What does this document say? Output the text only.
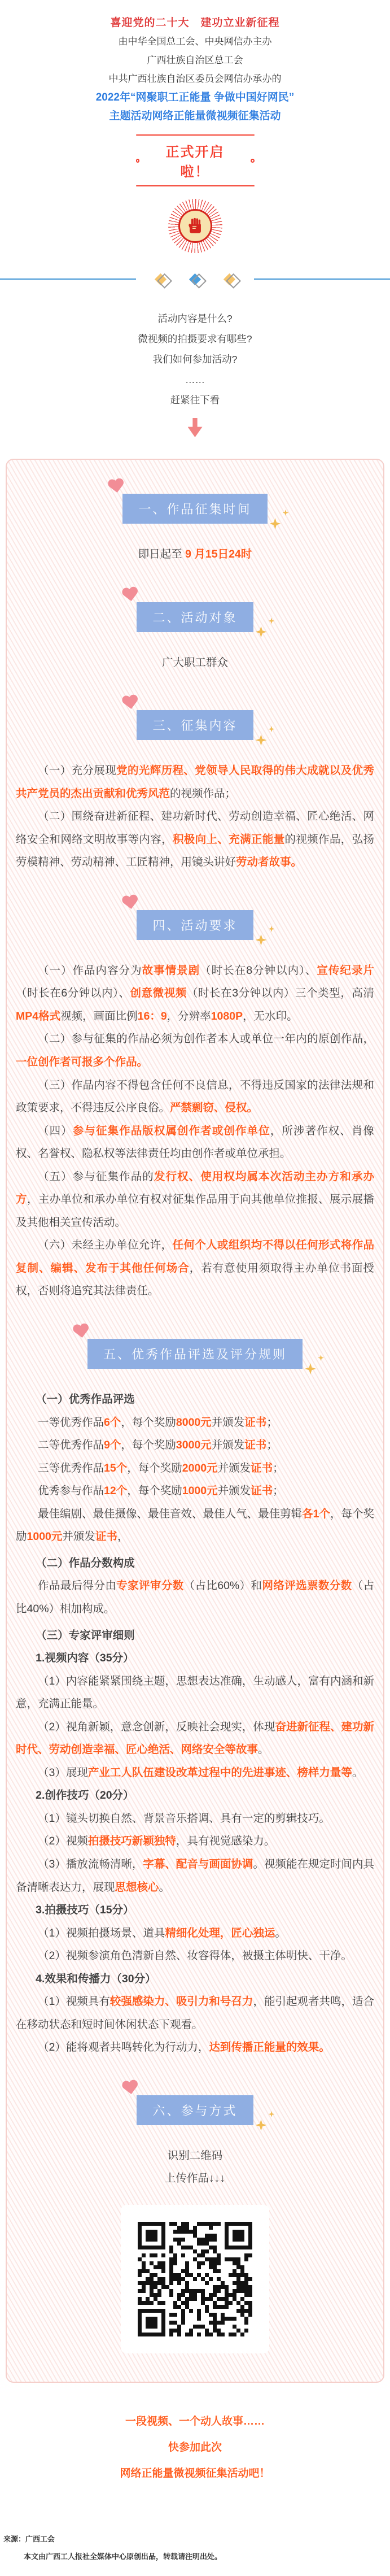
喜迎党的二十大　建功立业新征程

由中华全国总工会、中央网信办主办

广西壮族自治区总工会

中共广西壮族自治区委员会网信办承办的

2022年“网聚职工正能量 争做中国好网民”

主题活动网络正能量微视频征集活动

正式开启啦！

活动内容是什么?

微视频的拍摄要求有哪些?

我们如何参加活动?

……

赶紧往下看

一、作品征集时间

即日起至 9 月15日24时

二、活动对象

广大职工群众

三、征集内容

（一）充分展现党的光辉历程、党领导人民取得的伟大成就以及优秀共产党员的杰出贡献和优秀风范的视频作品；

（二）围绕奋进新征程、建功新时代、劳动创造幸福、匠心绝活、网络安全和网络文明故事等内容，积极向上、充满正能量的视频作品，弘扬劳模精神、劳动精神、工匠精神，用镜头讲好劳动者故事。

四、活动要求

（一）作品内容分为故事情景剧（时长在8分钟以内）、宣传纪录片（时长在6分钟以内）、创意微视频（时长在3分钟以内）三个类型，高清MP4格式视频，画面比例16：9，分辨率1080P，无水印。

（二）参与征集的作品必须为创作者本人或单位一年内的原创作品，一位创作者可报多个作品。

（三）作品内容不得包含任何不良信息，不得违反国家的法律法规和政策要求，不得违反公序良俗。严禁剽窃、侵权。

（四）参与征集作品版权属创作者或创作单位，所涉著作权、肖像权、名誉权、隐私权等法律责任均由创作者或单位承担。

（五）参与征集作品的发行权、使用权均属本次活动主办方和承办方，主办单位和承办单位有权对征集作品用于向其他单位推报、展示展播及其他相关宣传活动。

（六）未经主办单位允许，任何个人或组织均不得以任何形式将作品复制、编辑、发布于其他任何场合，若有意使用须取得主办单位书面授权，否则将追究其法律责任。

五、优秀作品评选及评分规则

（一）优秀作品评选

一等优秀作品6个，每个奖励8000元并颁发证书；

二等优秀作品9个，每个奖励3000元并颁发证书；

三等优秀作品15个，每个奖励2000元并颁发证书；

优秀参与作品12个，每个奖励1000元并颁发证书；

最佳编剧、最佳摄像、最佳音效、最佳人气、最佳剪辑各1个，每个奖励1000元并颁发证书，

（二）作品分数构成

作品最后得分由专家评审分数（占比60%）和网络评选票数分数（占比40%）相加构成。

（三）专家评审细则

1.视频内容（35分）

（1）内容能紧紧围绕主题，思想表达准确，生动感人，富有内涵和新意，充满正能量。

（2）视角新颖，意念创新，反映社会现实，体现奋进新征程、建功新时代、劳动创造幸福、匠心绝活、网络安全等故事。

（3）展现产业工人队伍建设改革过程中的先进事迹、榜样力量等。

2.创作技巧（20分）

（1）镜头切换自然、背景音乐搭调、具有一定的剪辑技巧。

（2）视频拍摄技巧新颖独特，具有视觉感染力。

（3）播放流畅清晰，字幕、配音与画面协调。视频能在规定时间内具备清晰表达力，展现思想核心。

3.拍摄技巧（15分）

（1）视频拍摄场景、道具精细化处理，匠心独运。

（2）视频参演角色清新自然、妆容得体，被摄主体明快、干净。

4.效果和传播力（30分）

（1）视频具有较强感染力、吸引力和号召力，能引起观者共鸣，适合在移动状态和短时间休闲状态下观看。

（2）能将观者共鸣转化为行动力，达到传播正能量的效果。

六、参与方式

识别二维码

上传作品↓↓↓

一段视频、一个动人故事……

快参加此次

网络正能量微视频征集活动吧！

来源：广西工会

本文由广西工人报社全媒体中心原创出品，转载请注明出处。
